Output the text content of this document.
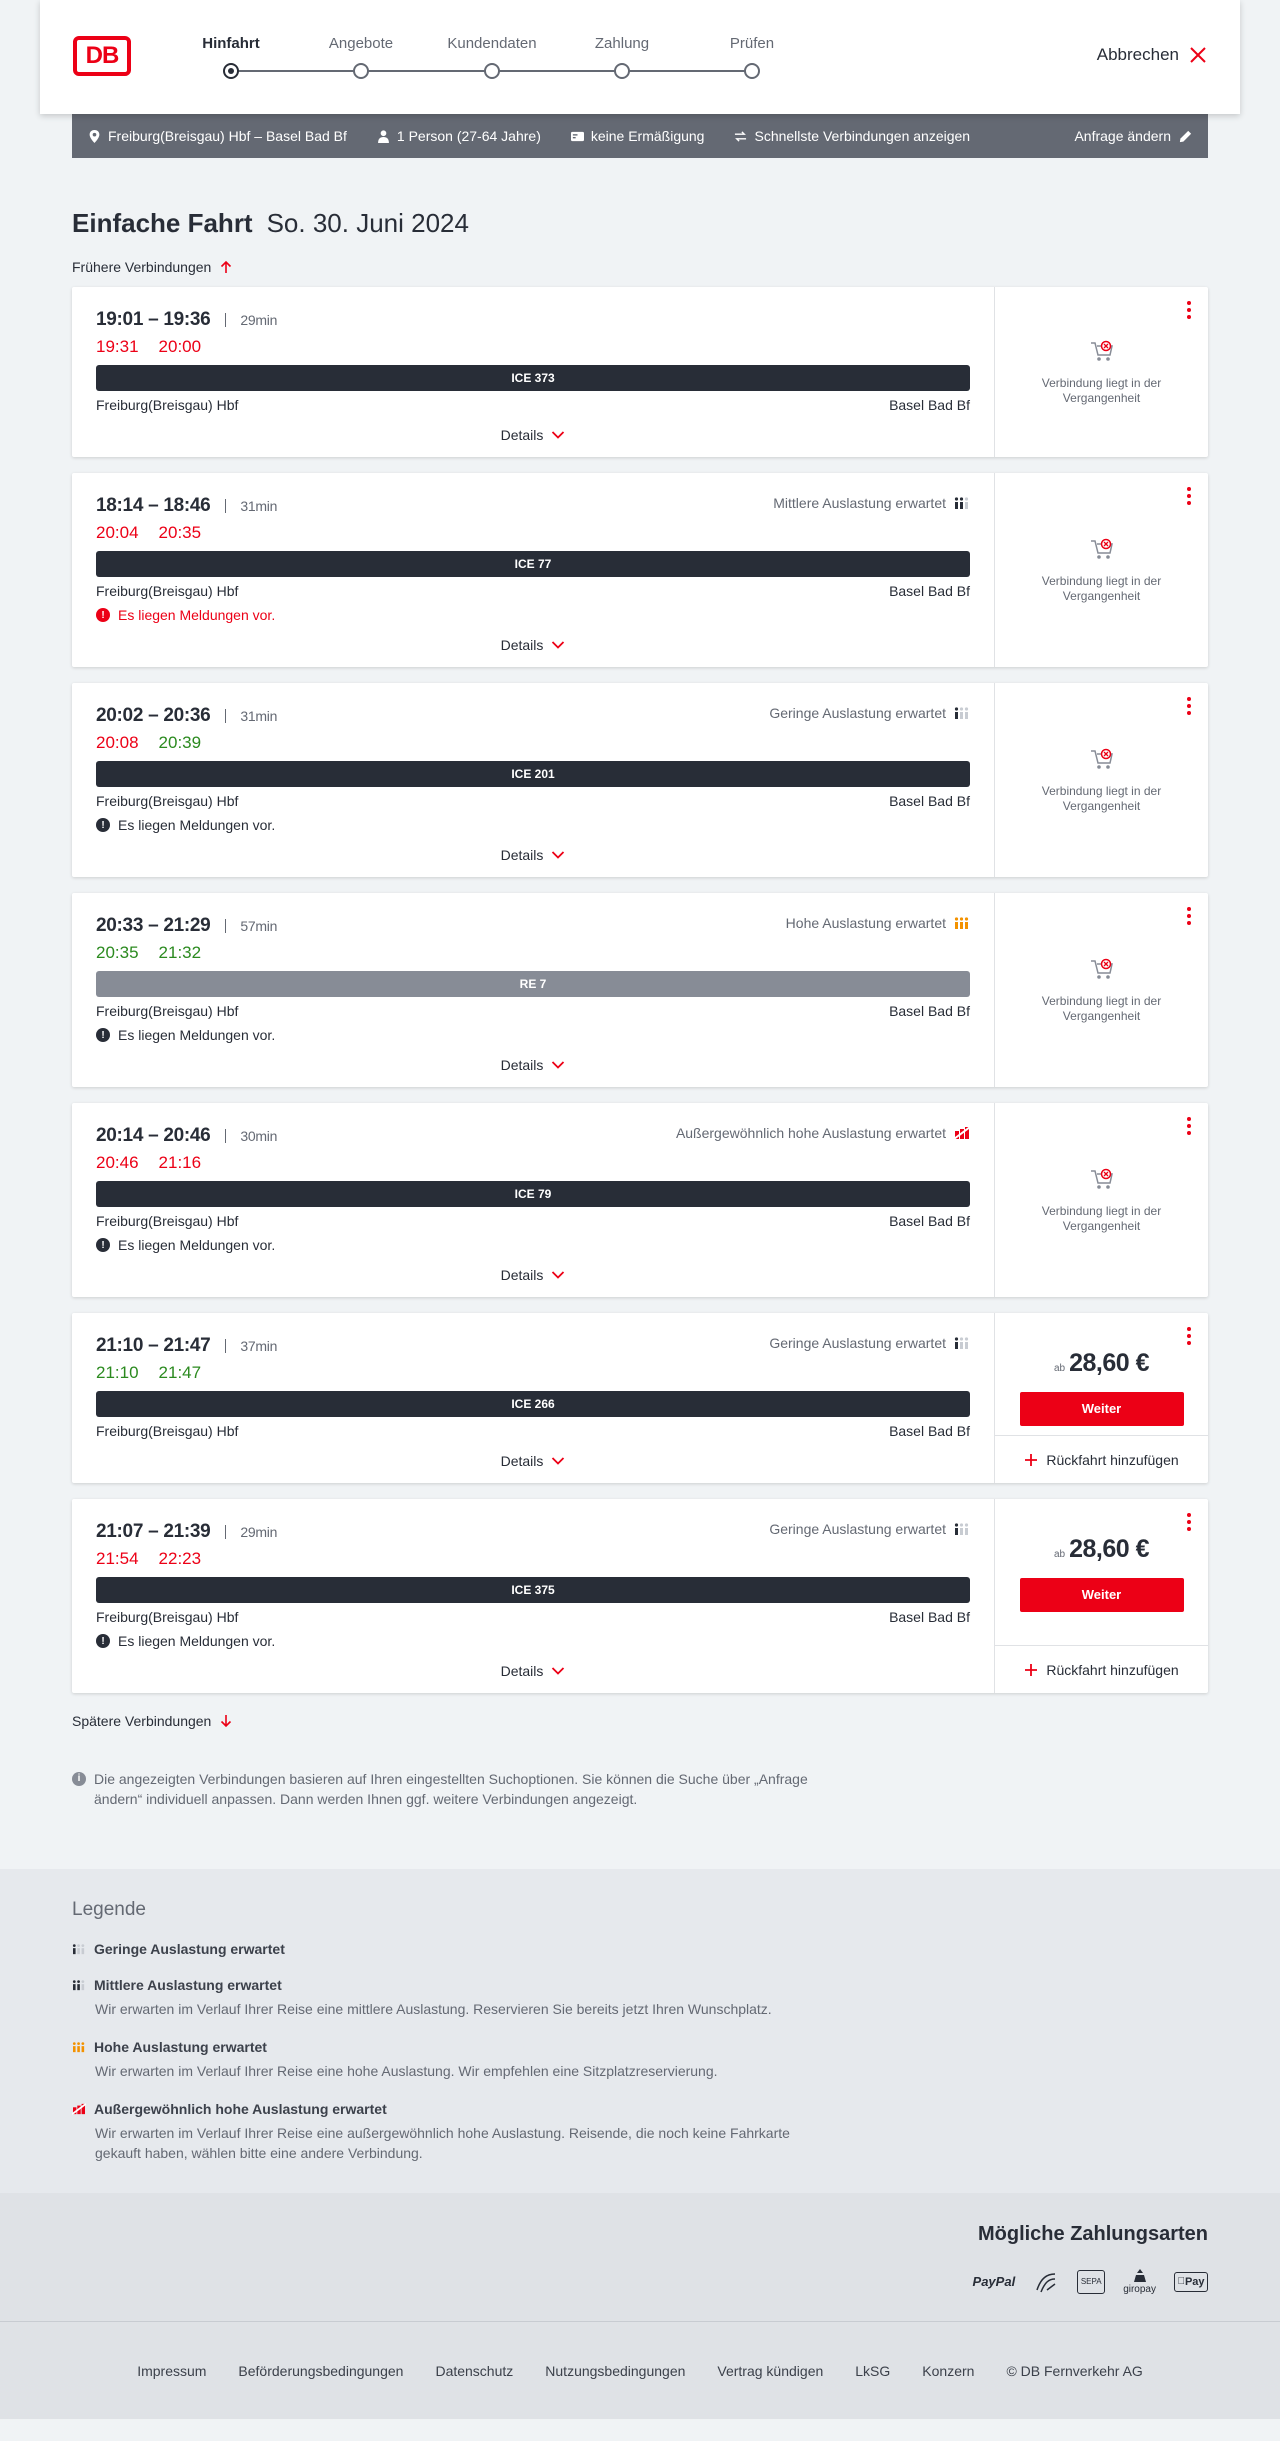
DB	Hinfahrt	Angebote	Kundendaten	Zahlung	Prüfen
Abbrechen
Freiburg(Breisgau) Hbf – Basel Bad Bf	1 Person (27-64 Jahre)	keine Ermäßigung	Schnellste Verbindungen anzeigen	Anfrage ändern
Einfache Fahrt So. 30. Juni 2024
Frühere Verbindungen
19:01 – 19:36 29min
19:31 20:00
ICE 373
Freiburg(Breisgau) Hbf	Basel Bad Bf
Details
Verbindung liegt in der Vergangenheit
18:14 – 18:46 31min	Mittlere Auslastung erwartet
20:04 20:35
ICE 77
Freiburg(Breisgau) Hbf	Basel Bad Bf
! Es liegen Meldungen vor.
Details
Verbindung liegt in der Vergangenheit
20:02 – 20:36 31min	Geringe Auslastung erwartet
20:08 20:39
ICE 201
Freiburg(Breisgau) Hbf	Basel Bad Bf
! Es liegen Meldungen vor.
Details
Verbindung liegt in der Vergangenheit
20:33 – 21:29 57min	Hohe Auslastung erwartet
20:35 21:32
RE 7
Freiburg(Breisgau) Hbf	Basel Bad Bf
! Es liegen Meldungen vor.
Details
Verbindung liegt in der Vergangenheit
20:14 – 20:46 30min	Außergewöhnlich hohe Auslastung erwartet
20:46 21:16
ICE 79
Freiburg(Breisgau) Hbf	Basel Bad Bf
! Es liegen Meldungen vor.
Details
Verbindung liegt in der Vergangenheit
21:10 – 21:47 37min	Geringe Auslastung erwartet
21:10 21:47
ICE 266
Freiburg(Breisgau) Hbf	Basel Bad Bf
Details
ab 28,60 €
Weiter
Rückfahrt hinzufügen
21:07 – 21:39 29min	Geringe Auslastung erwartet
21:54 22:23
ICE 375
Freiburg(Breisgau) Hbf	Basel Bad Bf
! Es liegen Meldungen vor.
Details
ab 28,60 €
Weiter
Rückfahrt hinzufügen
Spätere Verbindungen
i Die angezeigten Verbindungen basieren auf Ihren eingestellten Suchoptionen. Sie können die Suche über „Anfrage ändern“ individuell anpassen. Dann werden Ihnen ggf. weitere Verbindungen angezeigt.
Legende
Geringe Auslastung erwartet
Mittlere Auslastung erwartet
Wir erwarten im Verlauf Ihrer Reise eine mittlere Auslastung. Reservieren Sie bereits jetzt Ihren Wunschplatz.
Hohe Auslastung erwartet
Wir erwarten im Verlauf Ihrer Reise eine hohe Auslastung. Wir empfehlen eine Sitzplatzreservierung.
Außergewöhnlich hohe Auslastung erwartet
Wir erwarten im Verlauf Ihrer Reise eine außergewöhnlich hohe Auslastung. Reisende, die noch keine Fahrkarte gekauft haben, wählen bitte eine andere Verbindung.
Mögliche Zahlungsarten
PayPal	SEPA
giropay
Pay
Impressum Beförderungsbedingungen Datenschutz Nutzungsbedingungen Vertrag kündigen LkSG Konzern © DB Fernverkehr AG
